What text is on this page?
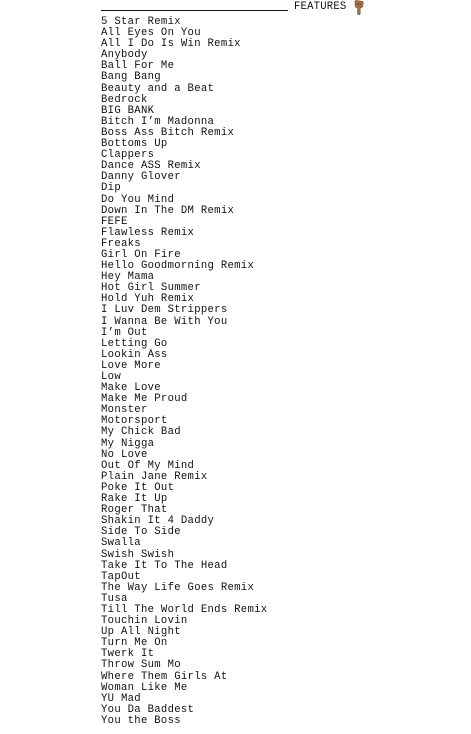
FEATURES
5 Star Remix
All Eyes On You
All I Do Is Win Remix
Anybody
Ball For Me
Bang Bang
Beauty and a Beat
Bedrock
BIG BANK
Bitch I’m Madonna
Boss Ass Bitch Remix
Bottoms Up
Clappers
Dance ASS Remix
Danny Glover
Dip
Do You Mind
Down In The DM Remix
FEFE
Flawless Remix
Freaks
Girl On Fire
Hello Goodmorning Remix
Hey Mama
Hot Girl Summer
Hold Yuh Remix
I Luv Dem Strippers
I Wanna Be With You
I’m Out
Letting Go
Lookin Ass
Love More
Low
Make Love
Make Me Proud
Monster
Motorsport
My Chick Bad
My Nigga
No Love
Out Of My Mind
Plain Jane Remix
Poke It Out
Rake It Up
Roger That
Shakin It 4 Daddy
Side To Side
Swalla
Swish Swish
Take It To The Head
TapOut
The Way Life Goes Remix
Tusa
Till The World Ends Remix
Touchin Lovin
Up All Night
Turn Me On
Twerk It
Throw Sum Mo
Where Them Girls At
Woman Like Me
YU Mad
You Da Baddest
You the Boss
